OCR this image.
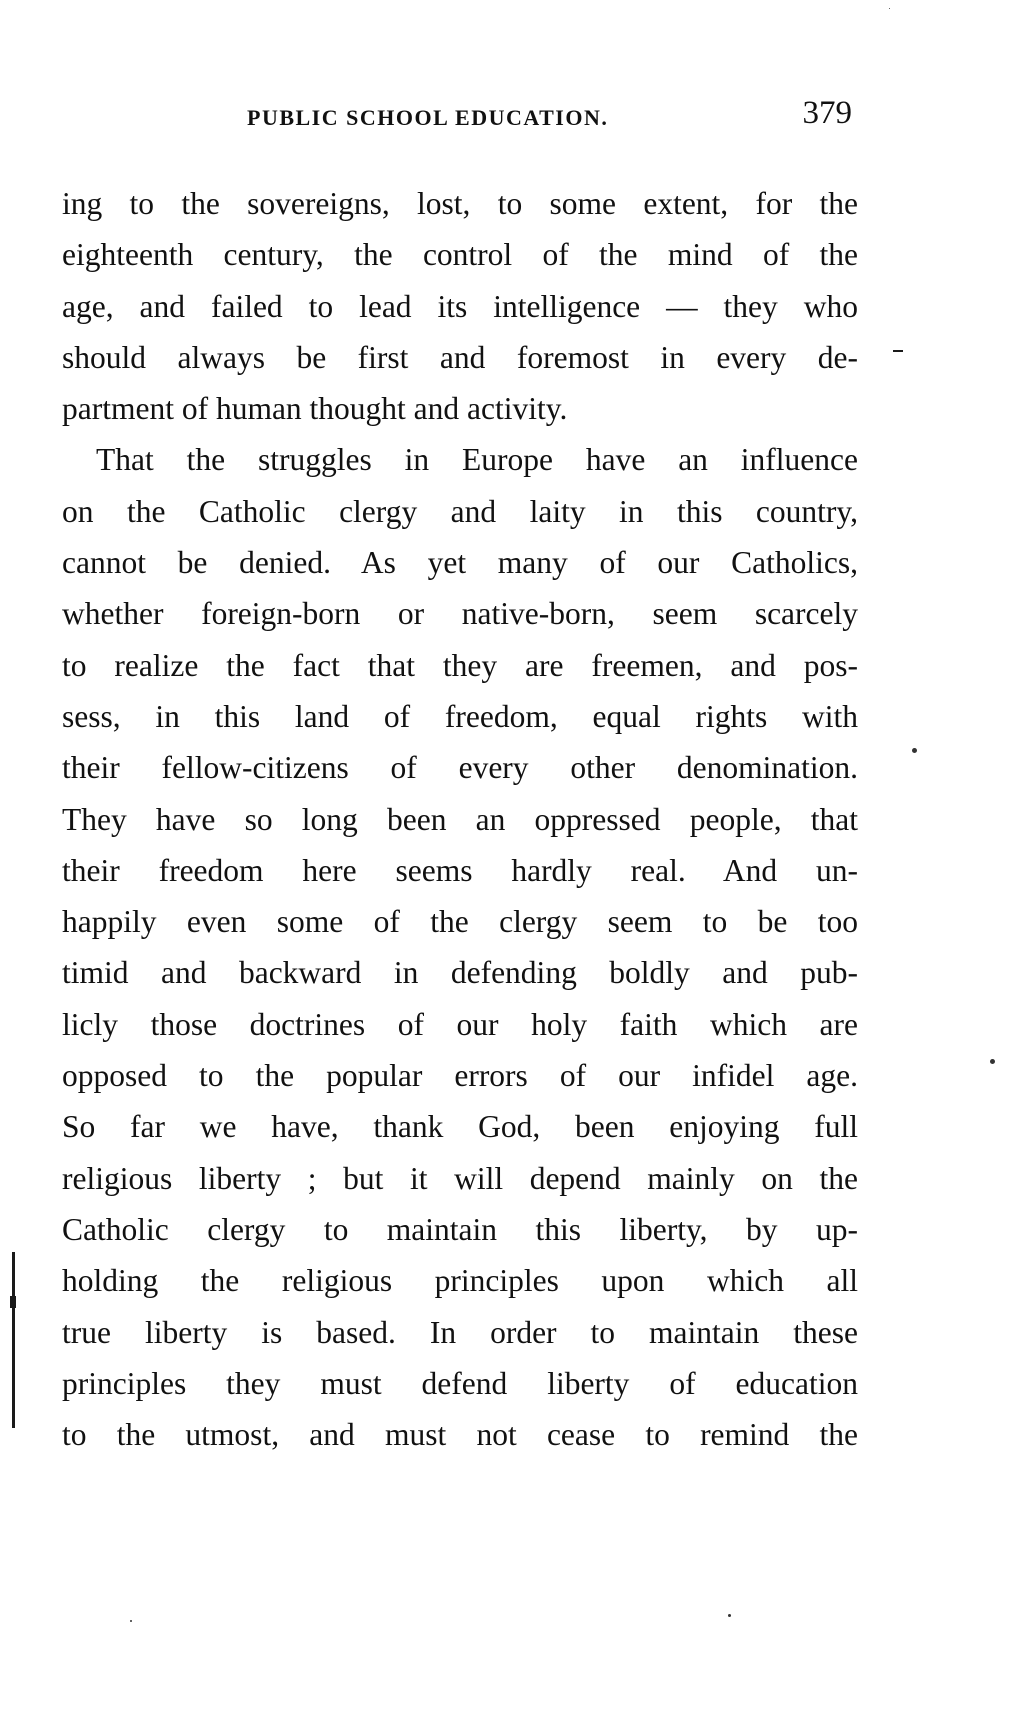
PUBLIC SCHOOL EDUCATION.	379
ing to the sovereigns, lost, to some extent, for the
eighteenth century, the control of the mind of the
age, and failed to lead its intelligence — they who
should always be first and foremost in every de-
partment of human thought and activity.
That the struggles in Europe have an influence
on the Catholic clergy and laity in this country,
cannot be denied. As yet many of our Catholics,
whether foreign-born or native-born, seem scarcely
to realize the fact that they are freemen, and pos-
sess, in this land of freedom, equal rights with
their fellow-citizens of every other denomination.
They have so long been an oppressed people, that
their freedom here seems hardly real. And un-
happily even some of the clergy seem to be too
timid and backward in defending boldly and pub-
licly those doctrines of our holy faith which are
opposed to the popular errors of our infidel age.
So far we have, thank God, been enjoying full
religious liberty ; but it will depend mainly on the
Catholic clergy to maintain this liberty, by up-
holding the religious principles upon which all
true liberty is based. In order to maintain these
principles they must defend liberty of education
to the utmost, and must not cease to remind the
